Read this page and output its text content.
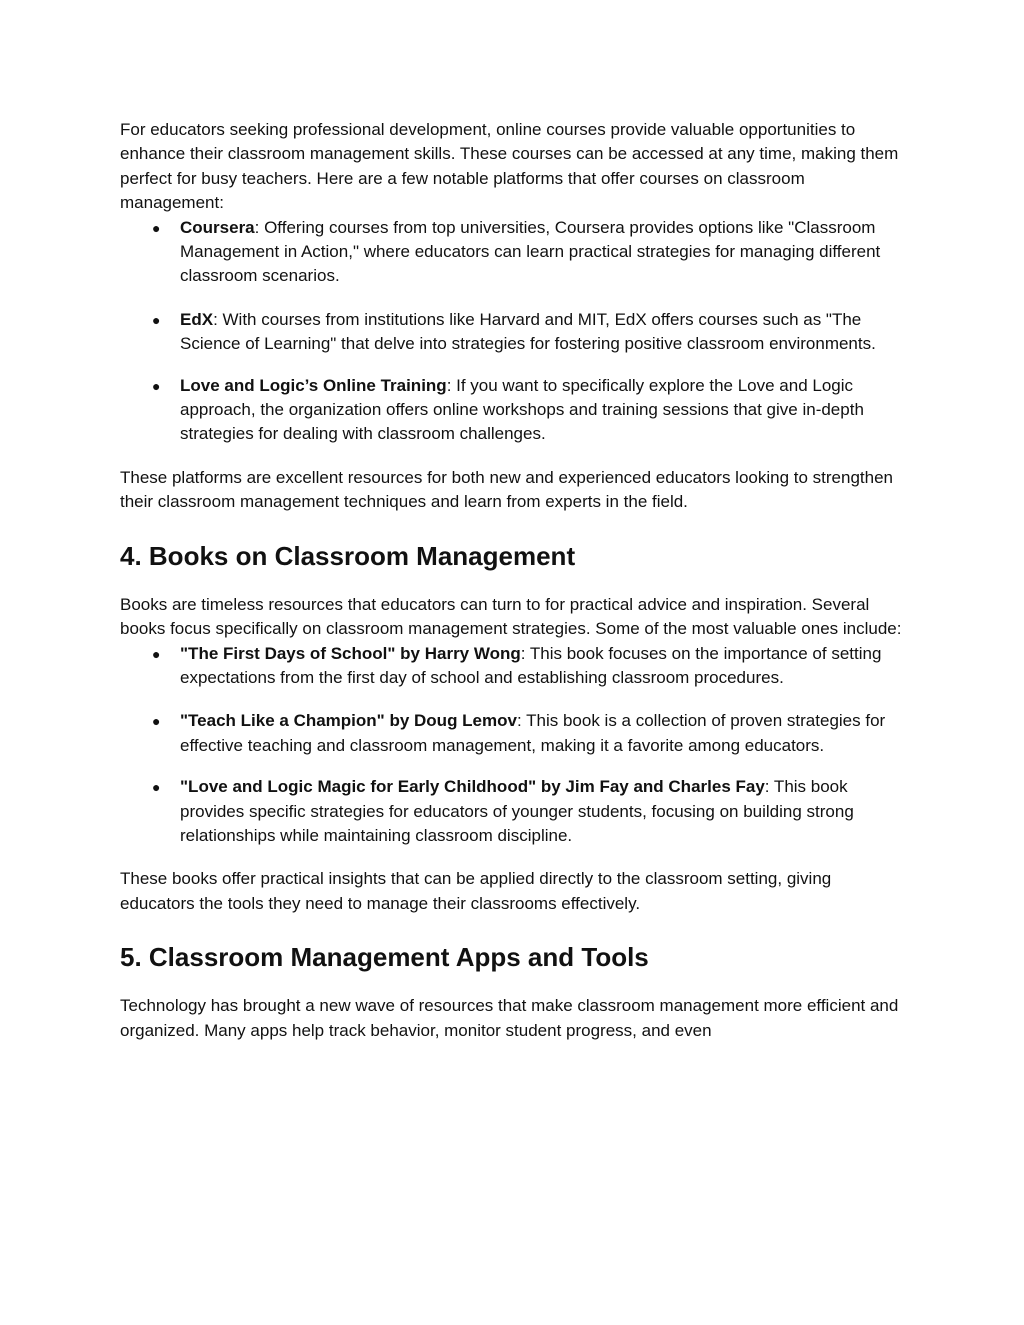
For educators seeking professional development, online courses provide valuable opportunities to enhance their classroom management skills. These courses can be accessed at any time, making them perfect for busy teachers. Here are a few notable platforms that offer courses on classroom management:

● Coursera: Offering courses from top universities, Coursera provides options like "Classroom Management in Action," where educators can learn practical strategies for managing different classroom scenarios.
● EdX: With courses from institutions like Harvard and MIT, EdX offers courses such as "The Science of Learning" that delve into strategies for fostering positive classroom environments.
● Love and Logic’s Online Training: If you want to specifically explore the Love and Logic approach, the organization offers online workshops and training sessions that give in-depth strategies for dealing with classroom challenges.

These platforms are excellent resources for both new and experienced educators looking to strengthen their classroom management techniques and learn from experts in the field.

4. Books on Classroom Management

Books are timeless resources that educators can turn to for practical advice and inspiration. Several books focus specifically on classroom management strategies. Some of the most valuable ones include:

● "The First Days of School" by Harry Wong: This book focuses on the importance of setting expectations from the first day of school and establishing classroom procedures.
● "Teach Like a Champion" by Doug Lemov: This book is a collection of proven strategies for effective teaching and classroom management, making it a favorite among educators.
● "Love and Logic Magic for Early Childhood" by Jim Fay and Charles Fay: This book provides specific strategies for educators of younger students, focusing on building strong relationships while maintaining classroom discipline.

These books offer practical insights that can be applied directly to the classroom setting, giving educators the tools they need to manage their classrooms effectively.

5. Classroom Management Apps and Tools

Technology has brought a new wave of resources that make classroom management more efficient and organized. Many apps help track behavior, monitor student progress, and even
